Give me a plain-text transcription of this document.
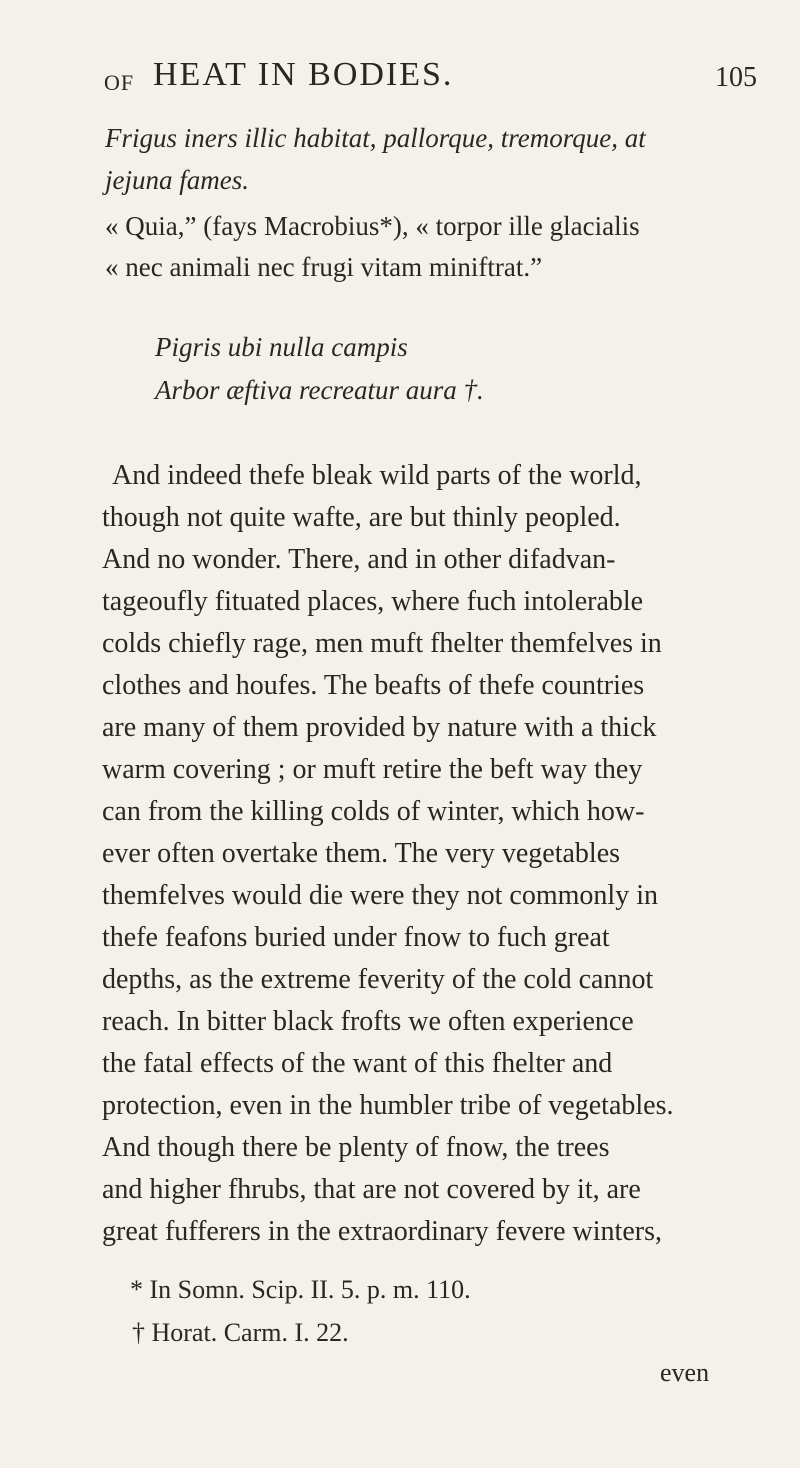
OF HEAT IN BODIES.	105
Frigus iners illic habitat, pallorque, tremorque, at
jejuna fames.
« Quia,” (fays Macrobius*), « torpor ille glacialis
« nec animali nec frugi vitam miniftrat.”
Pigris ubi nulla campis
Arbor æftiva recreatur aura †.
And indeed thefe bleak wild parts of the world,
though not quite wafte, are but thinly peopled.
And no wonder. There, and in other difadvan-
tageoufly fituated places, where fuch intolerable
colds chiefly rage, men muft fhelter themfelves in
clothes and houfes. The beafts of thefe countries
are many of them provided by nature with a thick
warm covering ; or muft retire the beft way they
can from the killing colds of winter, which how-
ever often overtake them. The very vegetables
themfelves would die were they not commonly in
thefe feafons buried under fnow to fuch great
depths, as the extreme feverity of the cold cannot
reach. In bitter black frofts we often experience
the fatal effects of the want of this fhelter and
protection, even in the humbler tribe of vegetables.
And though there be plenty of fnow, the trees
and higher fhrubs, that are not covered by it, are
great fufferers in the extraordinary fevere winters,
* In Somn. Scip. II. 5. p. m. 110.
† Horat. Carm. I. 22.
even
